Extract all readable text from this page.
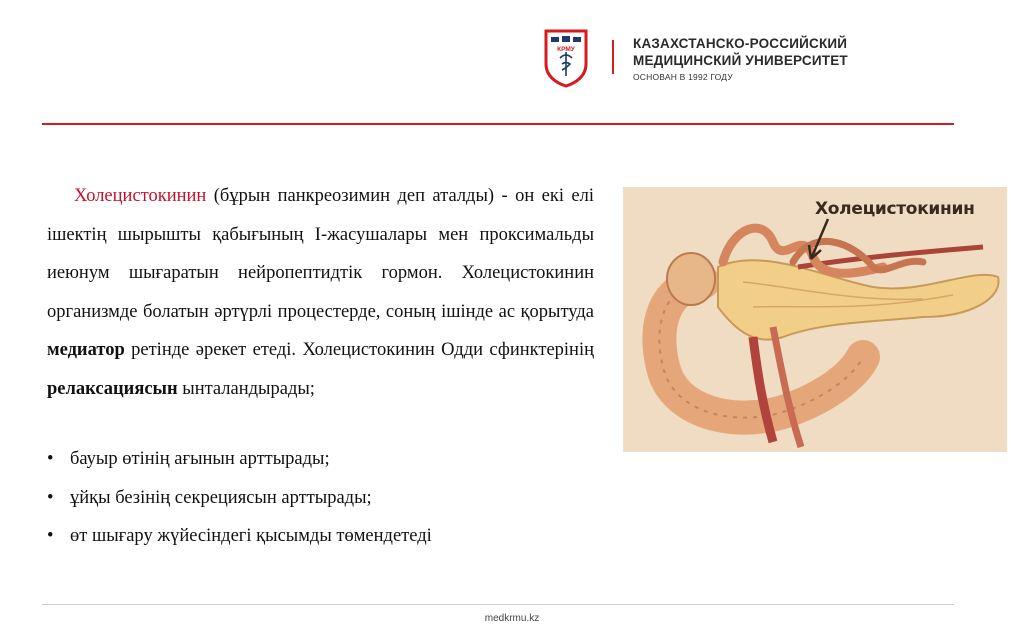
КРМУ	КАЗАХСТАНСКО-РОССИЙСКИЙ
МЕДИЦИНСКИЙ УНИВЕРСИТЕТ
ОСНОВАН В 1992 ГОДУ

Холецистокинин (бұрын панкреозимин деп аталды) - он екі елі ішектің шырышты қабығының I-жасушалары мен проксимальды иеюнум шығаратын нейропептидтік гормон. Холецистокинин организмде болатын әртүрлі процестерде, соның ішінде ас қорытуда медиатор ретінде әрекет етеді. Холецистокинин Одди сфинктерінің релаксациясын ынталандырады;

• бауыр өтінің ағынын арттырады;
• ұйқы безінің секрециясын арттырады;
• өт шығару жүйесіндегі қысымды төмендетеді
Холецистокинин
medkrmu.kz
